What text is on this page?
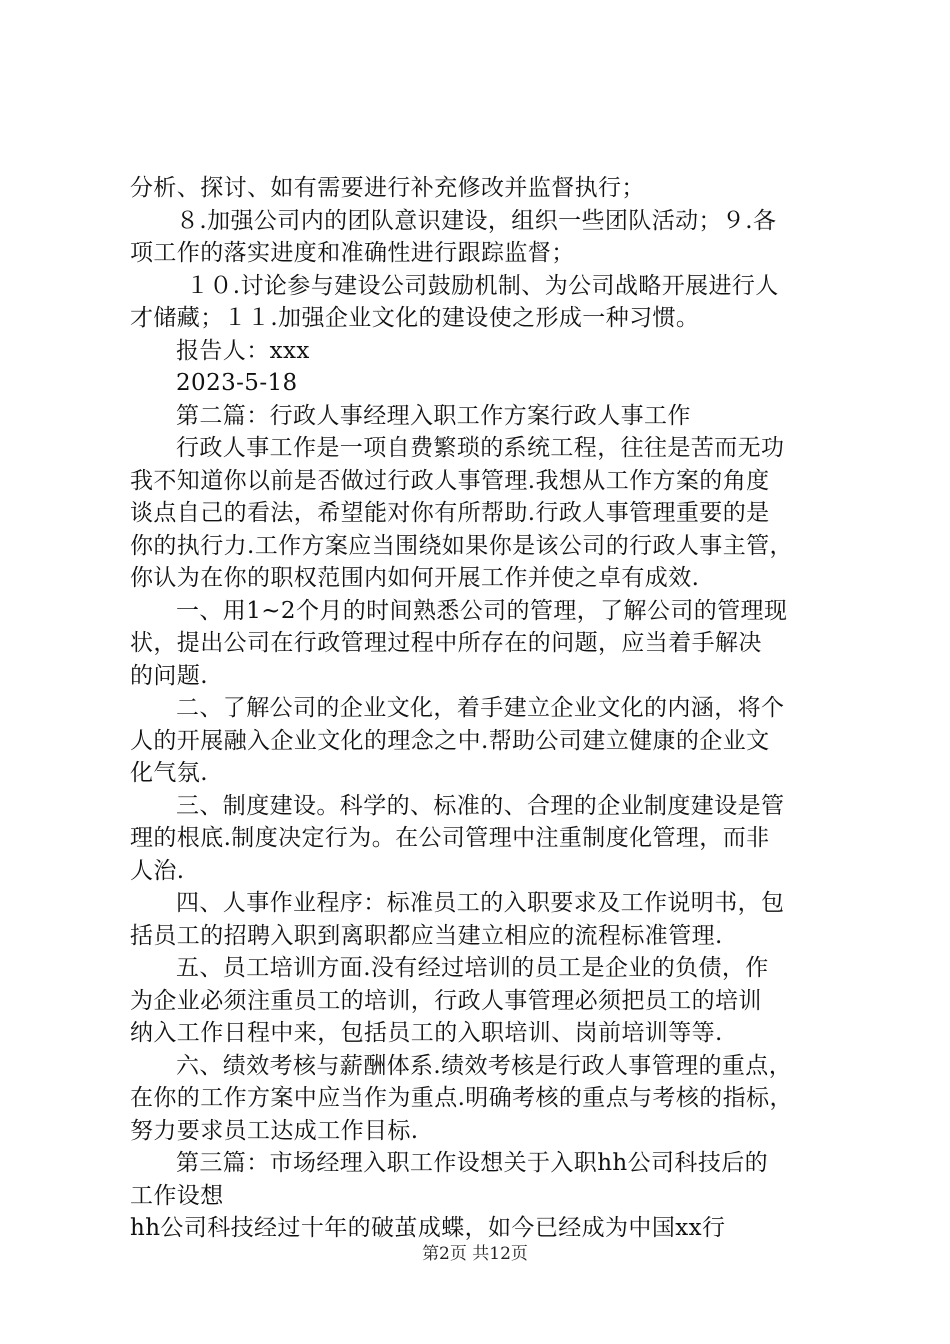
分析、探讨、如有需要进行补充修改并监督执行；
８.加强公司内的团队意识建设，组织一些团队活动；９.各
项工作的落实进度和准确性进行跟踪监督；
１０.讨论参与建设公司鼓励机制、为公司战略开展进行人
才储藏；１１.加强企业文化的建设使之形成一种习惯。
报告人：xxx
2023-5-18
第二篇：行政人事经理入职工作方案行政人事工作
行政人事工作是一项自费繁琐的系统工程，往往是苦而无功
我不知道你以前是否做过行政人事管理.我想从工作方案的角度
谈点自己的看法，希望能对你有所帮助.行政人事管理重要的是
你的执行力.工作方案应当围绕如果你是该公司的行政人事主管，
你认为在你的职权范围内如何开展工作并使之卓有成效.
一、用1~2个月的时间熟悉公司的管理，了解公司的管理现
状，提出公司在行政管理过程中所存在的问题，应当着手解决
的问题.
二、了解公司的企业文化，着手建立企业文化的内涵，将个
人的开展融入企业文化的理念之中.帮助公司建立健康的企业文
化气氛.
三、制度建设。科学的、标准的、合理的企业制度建设是管
理的根底.制度决定行为。在公司管理中注重制度化管理，而非
人治.
四、人事作业程序：标准员工的入职要求及工作说明书，包
括员工的招聘入职到离职都应当建立相应的流程标准管理.
五、员工培训方面.没有经过培训的员工是企业的负债，作
为企业必须注重员工的培训，行政人事管理必须把员工的培训
纳入工作日程中来，包括员工的入职培训、岗前培训等等.
六、绩效考核与薪酬体系.绩效考核是行政人事管理的重点，
在你的工作方案中应当作为重点.明确考核的重点与考核的指标，
努力要求员工达成工作目标.
第三篇：市场经理入职工作设想关于入职hh公司科技后的
工作设想
hh公司科技经过十年的破茧成蝶，如今已经成为中国xx行
第2页 共12页
